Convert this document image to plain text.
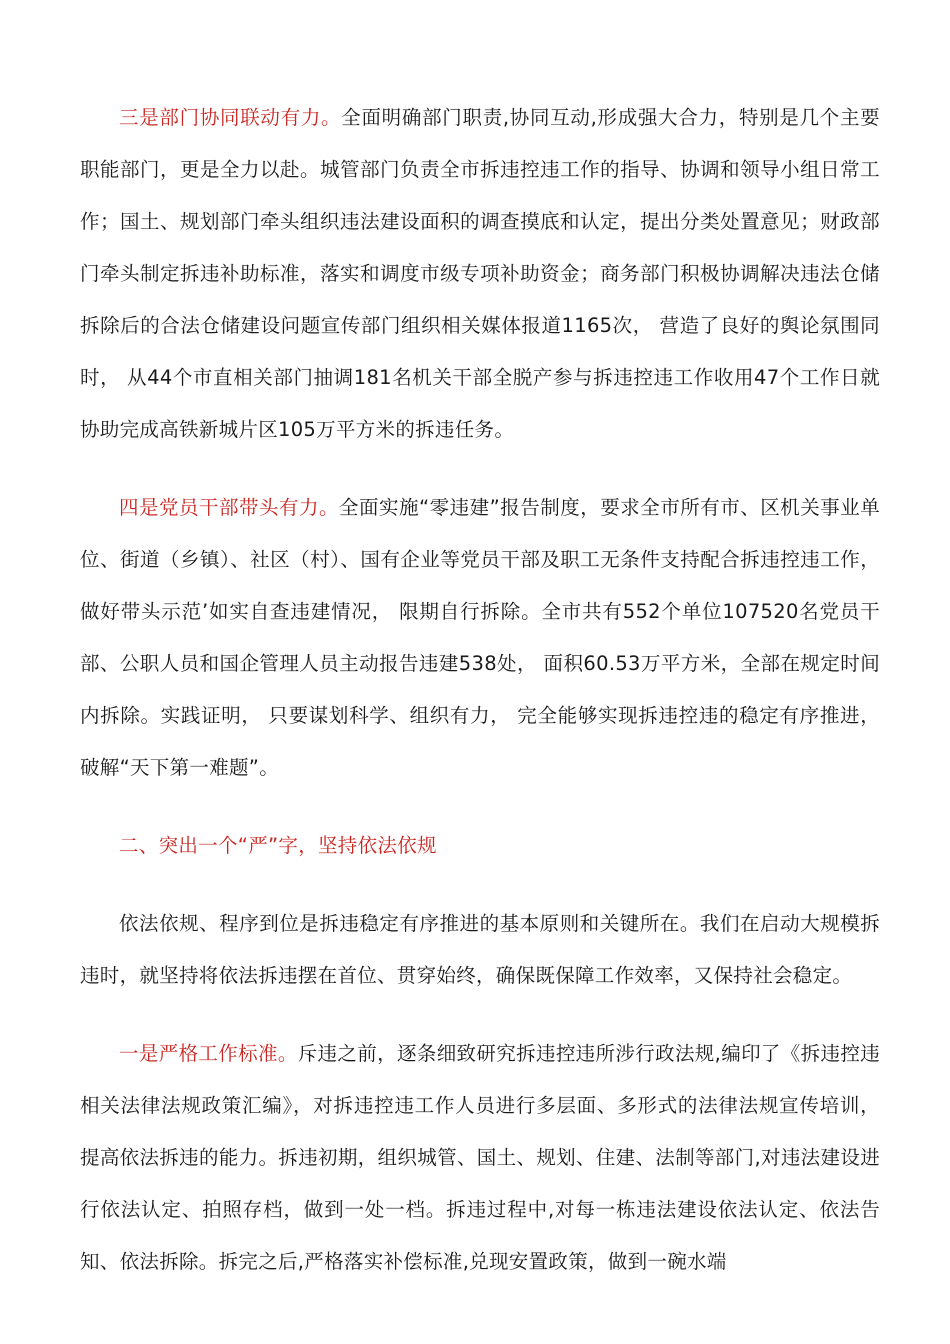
三是部门协同联动有力。全面明确部门职责,协同互动,形成强大合力，特别是几个主要职能部门，更是全力以赴。城管部门负责全市拆违控违工作的指导、协调和领导小组日常工作；国土、规划部门牵头组织违法建设面积的调查摸底和认定，提出分类处置意见；财政部门牵头制定拆违补助标准，落实和调度市级专项补助资金；商务部门积极协调解决违法仓储拆除后的合法仓储建设问题宣传部门组织相关媒体报道1165次， 营造了良好的舆论氛围同时， 从44个市直相关部门抽调181名机关干部全脱产参与拆违控违工作收用47个工作日就协助完成高铁新城片区105万平方米的拆违任务。

四是党员干部带头有力。全面实施“零违建”报告制度，要求全市所有市、区机关事业单位、街道（乡镇）、社区（村）、国有企业等党员干部及职工无条件支持配合拆违控违工作， 做好带头示范’如实自查违建情况， 限期自行拆除。全市共有552个单位107520名党员干部、公职人员和国企管理人员主动报告违建538处， 面积60.53万平方米，全部在规定时间内拆除。实践证明， 只要谋划科学、组织有力， 完全能够实现拆违控违的稳定有序推进，破解“天下第一难题”。

二、突出一个“严”字，坚持依法依规

依法依规、程序到位是拆违稳定有序推进的基本原则和关键所在。我们在启动大规模拆违时，就坚持将依法拆违摆在首位、贯穿始终，确保既保障工作效率，又保持社会稳定。

一是严格工作标准。斥违之前，逐条细致研究拆违控违所涉行政法规,编印了《拆违控违相关法律法规政策汇编》，对拆违控违工作人员进行多层面、多形式的法律法规宣传培训，提高依法拆违的能力。拆违初期，组织城管、国土、规划、住建、法制等部门,对违法建设进行依法认定、拍照存档，做到一处一档。拆违过程中,对每一栋违法建设依法认定、依法告知、依法拆除。拆完之后,严格落实补偿标准,兑现安置政策，做到一碗水端
